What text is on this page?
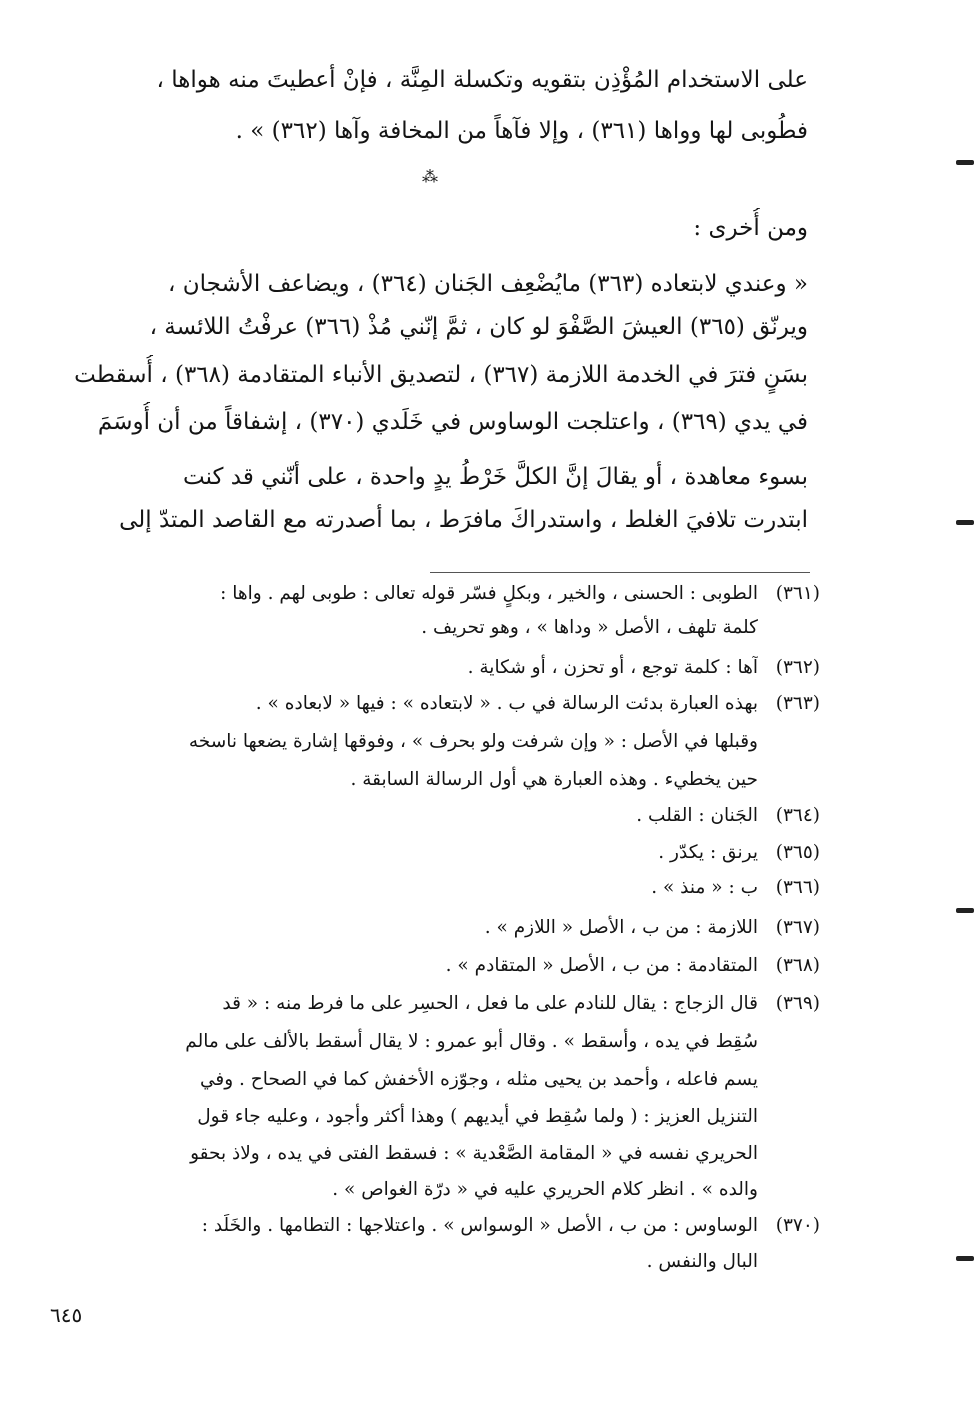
على الاستخدام المُؤْذِن بتقويه وتكسلة المِنَّة ، فإنْ أعطيتَ منه هواها ،
فطُوبى لها وواها (٣٦١) ، وإلا فآهاً من المخافة وآها (٣٦٢) » .
ومن أُخرى :
« وعندي لابتعاده (٣٦٣) مايُضْعِف الجَنان (٣٦٤) ، ويضاعف الأشجان ،
ويرنّق (٣٦٥) العيشَ الصَّفْوَ لو كان ، ثمَّ إنّني مُذْ (٣٦٦) عرفْتُ اللائسة ،
بسَنٍ فترَ في الخدمة اللازمة (٣٦٧) ، لتصديق الأنباء المتقادمة (٣٦٨) ، أُسقطت
في يدي (٣٦٩) ، واعتلجت الوساوس في خَلَدي (٣٧٠) ، إشفاقاً من أن أُوسَمَ
بسوء معاهدة ، أو يقالَ إنَّ الكلَّ خَرْطُ يدٍ واحدة ، على أنّني قد كنت
ابتدرت تلافيَ الغلط ، واستدراكَ مافرَط ، بما أصدرته مع القاصد المتدّ إلى
⁂
(٣٦١)
الطوبى : الحسنى ، والخير ، وبكلٍ فسّر قوله تعالى : طوبى لهم . واها :
كلمة تلهف ، الأصل « وداها » ، وهو تحريف .
(٣٦٢)
آها : كلمة توجع ، أو تحزن ، أو شكاية .
(٣٦٣)
بهذه العبارة بدئت الرسالة في ب . « لابتعاده » : فيها « لابعاده » .
وقبلها في الأصل : « وإن شرفت ولو بحرف » ، وفوقها إشارة يضعها ناسخه
حين يخطيء . وهذه العبارة هي أول الرسالة السابقة .
(٣٦٤)
الجَنان : القلب .
(٣٦٥)
يرنق : يكدّر .
(٣٦٦)
ب : « منذ » .
(٣٦٧)
اللازمة : من ب ، الأصل « اللازم » .
(٣٦٨)
المتقادمة : من ب ، الأصل « المتقادم » .
(٣٦٩)
قال الزجاج : يقال للنادم على ما فعل ، الحسِر على ما فرط منه : « قد
سُقِط في يده ، وأسقط » . وقال أبو عمرو : لا يقال أسقط بالألف على مالم
يسم فاعله ، وأحمد بن يحيى مثله ، وجوّزه الأخفش كما في الصحاح . وفي
التنزيل العزيز : ( ولما سُقِط في أيديهم ) وهذا أكثر وأجود ، وعليه جاء قول
الحريري نفسه في « المقامة الصَّعْدية » : فسقط الفتى في يده ، ولاذ بحقو
والده » . انظر كلام الحريري عليه في « درّة الغواص » .
(٣٧٠)
الوساوس : من ب ، الأصل « الوسواس » . واعتلاجها : التطامها . والخَلَد :
البال والنفس .
٦٤٥
